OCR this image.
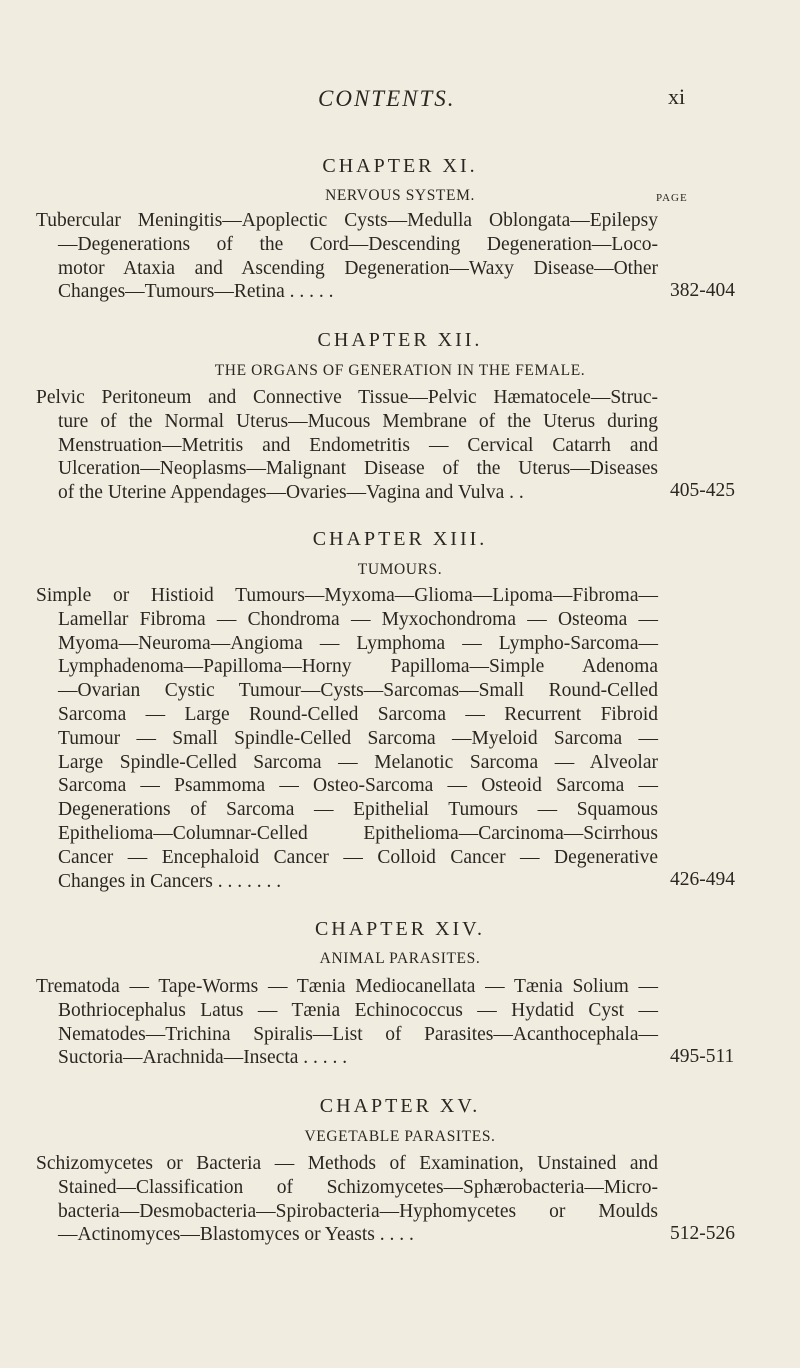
CONTENTS.	xi
CHAPTER XI.
NERVOUS SYSTEM.	PAGE
Tubercular Meningitis—Apoplectic Cysts—Medulla Oblongata—Epilepsy
—Degenerations of the Cord—Descending Degeneration—Loco-
motor Ataxia and Ascending Degeneration—Waxy Disease—Other
Changes—Tumours—Retina . . . . .	382-404
CHAPTER XII.
THE ORGANS OF GENERATION IN THE FEMALE.
Pelvic Peritoneum and Connective Tissue—Pelvic Hæmatocele—Struc-
ture of the Normal Uterus—Mucous Membrane of the Uterus during
Menstruation—Metritis and Endometritis — Cervical Catarrh and
Ulceration—Neoplasms—Malignant Disease of the Uterus—Diseases
of the Uterine Appendages—Ovaries—Vagina and Vulva . .	405-425
CHAPTER XIII.
TUMOURS.
Simple or Histioid Tumours—Myxoma—Glioma—Lipoma—Fibroma—
Lamellar Fibroma — Chondroma — Myxochondroma — Osteoma —
Myoma—Neuroma—Angioma — Lymphoma — Lympho-Sarcoma—
Lymphadenoma—Papilloma—Horny Papilloma—Simple Adenoma
—Ovarian Cystic Tumour—Cysts—Sarcomas—Small Round-Celled
Sarcoma — Large Round-Celled Sarcoma — Recurrent Fibroid
Tumour — Small Spindle-Celled Sarcoma —Myeloid Sarcoma —
Large Spindle-Celled Sarcoma — Melanotic Sarcoma — Alveolar
Sarcoma — Psammoma — Osteo-Sarcoma — Osteoid Sarcoma —
Degenerations of Sarcoma — Epithelial Tumours — Squamous
Epithelioma—Columnar-Celled Epithelioma—Carcinoma—Scirrhous
Cancer — Encephaloid Cancer — Colloid Cancer — Degenerative
Changes in Cancers . . . . . . .	426-494
CHAPTER XIV.
ANIMAL PARASITES.
Trematoda — Tape-Worms — Tænia Mediocanellata — Tænia Solium —
Bothriocephalus Latus — Tænia Echinococcus — Hydatid Cyst —
Nematodes—Trichina Spiralis—List of Parasites—Acanthocephala—
Suctoria—Arachnida—Insecta . . . . .	495-511
CHAPTER XV.
VEGETABLE PARASITES.
Schizomycetes or Bacteria — Methods of Examination, Unstained and
Stained—Classification of Schizomycetes—Sphærobacteria—Micro-
bacteria—Desmobacteria—Spirobacteria—Hyphomycetes or Moulds
—Actinomyces—Blastomyces or Yeasts . . . .	512-526
